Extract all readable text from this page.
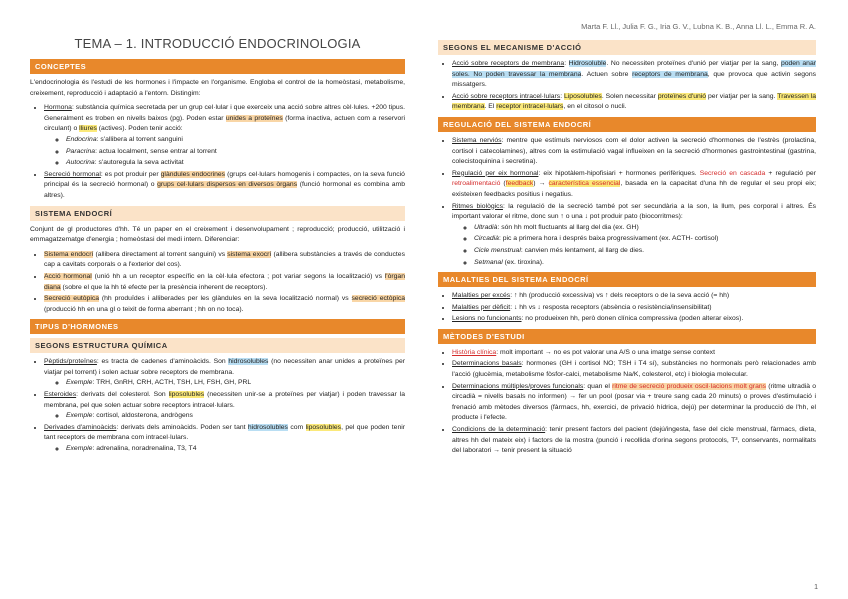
Marta F. Ll., Julia F. G., Iria G. V., Lubna K. B., Anna Ll. L., Emma R. A.
TEMA – 1. INTRODUCCIÓ ENDOCRINOLOGIA
CONCEPTES

L'endocrinologia és l'estudi de les hormones i l'impacte en l'organisme. Engloba el control de la homeòstasi, metabolisme, creixement, reproducció i adaptació a l'entorn. Distingim:

• Hormona: substància química secretada per un grup cel·lular i que exerceix una acció sobre altres cèl·lules. +200 tipus. Generalment es troben en nivells baixos (pg). Poden estar unides a proteïnes (forma inactiva, actuen com a reservori circulant) o lliures (actives). Poden tenir acció:
◦ Endocrina: s'allibera al torrent sanguini
◦ Paracrina: actua localment, sense entrar al torrent
◦ Autocrina: s'autoregula la seva activitat
• Secreció hormonal: es pot produir per glàndules endocrines (grups cel·lulars homogenis i compactes, on la seva funció principal és la secreció hormonal) o grups cel·lulars dispersos en diversos òrgans (funció hormonal es combina amb altres).
SISTEMA ENDOCRÍ

Conjunt de gl productores d'hh. Té un paper en el creixement i desenvolupament ; reproducció; producció, utilització i emmagatzematge d'energia ; homeòstasi del medi intern. Diferenciar:

• Sistema endocrí (allibera directament al torrent sanguini) vs sistema exocrí (allibera substàncies a través de conductes cap a cavitats corporals o a l'exterior del cos).
• Acció hormonal (unió hh a un receptor específic en la cèl·lula efectora ; pot variar segons la localització) vs l'òrgan diana (sobre el que la hh té efecte per la presència inherent de receptors).
• Secreció eutòpica (hh produïdes i alliberades per les glàndules en la seva localització normal) vs secreció ectòpica (producció hh en una gl o teixit de forma aberrant ; hh on no toca).
TIPUS D'HORMONES
SEGONS ESTRUCTURA QUÍMICA
• Pèptids/proteïnes: es tracta de cadenes d'aminoàcids. Son hidrosolubles (no necessiten anar unides a proteïnes per viatjar pel torrent) i solen actuar sobre receptors de membrana.
◦ Exemple: TRH, GnRH, CRH, ACTH, TSH, LH, FSH, GH, PRL
• Esteroides: derivats del colesterol. Son liposolubles (necessiten unir-se a proteïnes per viatjar) i poden travessar la membrana, pel que solen actuar sobre receptors intracel·lulars.
◦ Exemple: cortisol, aldosterona, andrògens
• Derivades d'aminoàcids: derivats dels aminoàcids. Poden ser tant hidrosolubles com liposolubles, pel que poden tenir tant receptors de membrana com intracel·lulars.
◦ Exemple: adrenalina, noradrenalina, T3, T4
SEGONS EL MECANISME D'ACCIÓ
• Acció sobre receptors de membrana: Hidrosoluble. No necessiten proteïnes d'unió per viatjar per la sang, poden anar soles. No poden travessar la membrana. Actuen sobre receptors de membrana, que provoca que activin segons missatgers.
• Acció sobre receptors intracel·lulars: Liposolubles. Solen necessitar proteïnes d'unió per viatjar per la sang. Travessen la membrana. El receptor intracel·lulars, en el citosol o nucli.
REGULACIÓ DEL SISTEMA ENDOCRÍ
• Sistema nerviós: mentre que estímuls nerviosos com el dolor activen la secreció d'hormones de l'estrès (prolactina, cortisol i catecolamines), altres com la estimulació vagal influeixen en la secreció d'hormones gastrointestinal (gastrina, colecistoquinina i secretina).
• Regulació per eix hormonal: eix hipotàlem-hipofisiari + hormones perifèriques. Secreció en cascada + regulació per retroalimentació (feedback) → característica essencial, basada en la capacitat d'una hh de regular el seu propi eix; existeixen feedbacks positius i negatius.
• Ritmes biològics: la regulació de la secreció també pot ser secundària a la son, la llum, pes corporal i altres. És important valorar el ritme, donc sun ↑ o una ↓ pot produir pato (biocorritmes):
◦ Ultradià: són hh molt fluctuants al llarg del dia (ex. GH)
◦ Circadià: pic a primera hora i després baixa progressivament (ex. ACTH- cortisol)
◦ Cicle menstrual: canvien més lentament, al llarg de dies.
◦ Setmanal (ex. tiroxina).
MALALTIES DEL SISTEMA ENDOCRÍ
• Malalties per excés: ↑ hh (producció excessiva) vs ↑ dels receptors o de la seva acció (= hh)
• Malalties per dèficit: ↓ hh vs ↓ resposta receptors (absència o resistència/insensibilitat)
• Lesions no funcionants: no produeixen hh, però donen clínica compressiva (poden alterar eixos).
MÈTODES D'ESTUDI
• Història clínica: molt important → no es pot valorar una A/S o una imatge sense context
• Determinacions basals: hormones (GH i cortisol NO; TSH i T4 sí), substàncies no hormonals però relacionades amb l'acció (glucèmia, metabolisme fòsfor-calci, metabolisme Na/K, colesterol, etc) i biologia molecular.
• Determinacions múltiples/proves funcionals: quan el ritme de secreció produeix oscil·lacions molt grans (ritme ultradià o circadià = nivells basals no informen) → fer un pool (posar via + treure sang cada 20 minuts) o proves d'estimulació i frenació amb mètodes diversos (fàrmacs, hh, exercici, de privació hídrica, dejú) per determinar la producció de l'hh, el producte i l'efecte.
• Condicions de la determinació: tenir present factors del pacient (dejú/ingesta, fase del cicle menstrual, fàrmacs, dieta, altres hh del mateix eix) i factors de la mostra (punció i recollida d'orina segons protocols, T³, conservants, normalitats del laboratori → tenir present la situació
1
